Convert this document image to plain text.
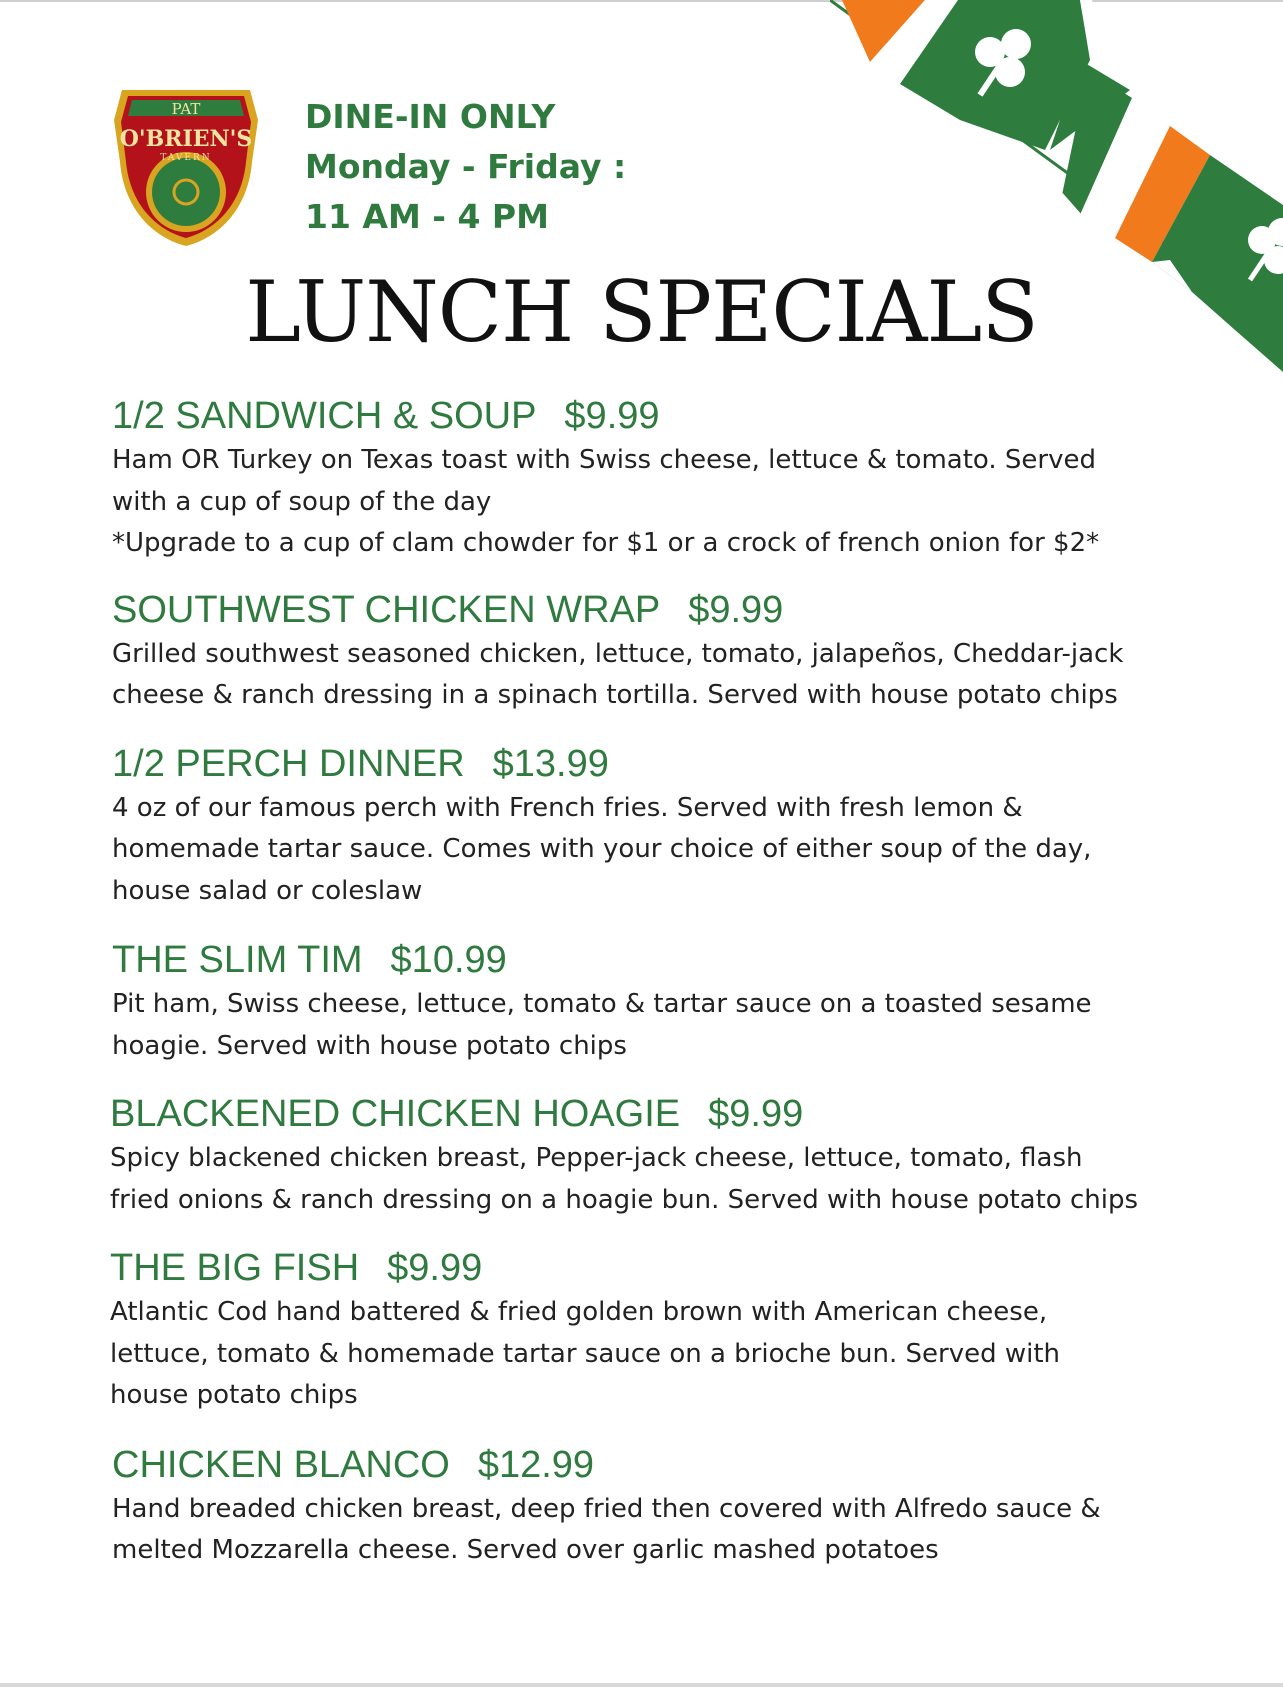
PAT
O'BRIEN'S
TAVERN
DINE-IN ONLY
Monday - Friday :
11 AM - 4 PM
LUNCH SPECIALS
1/2 SANDWICH & SOUP $9.99
Ham OR Turkey on Texas toast with Swiss cheese, lettuce & tomato. Served
with a cup of soup of the day
*Upgrade to a cup of clam chowder for $1 or a crock of french onion for $2*
SOUTHWEST CHICKEN WRAP $9.99
Grilled southwest seasoned chicken, lettuce, tomato, jalapeños, Cheddar-jack
cheese & ranch dressing in a spinach tortilla. Served with house potato chips
1/2 PERCH DINNER $13.99
4 oz of our famous perch with French fries. Served with fresh lemon &
homemade tartar sauce. Comes with your choice of either soup of the day,
house salad or coleslaw
THE SLIM TIM $10.99
Pit ham, Swiss cheese, lettuce, tomato & tartar sauce on a toasted sesame
hoagie. Served with house potato chips
BLACKENED CHICKEN HOAGIE $9.99
Spicy blackened chicken breast, Pepper-jack cheese, lettuce, tomato, flash
fried onions & ranch dressing on a hoagie bun. Served with house potato chips
THE BIG FISH $9.99
Atlantic Cod hand battered & fried golden brown with American cheese,
lettuce, tomato & homemade tartar sauce on a brioche bun. Served with
house potato chips
CHICKEN BLANCO $12.99
Hand breaded chicken breast, deep fried then covered with Alfredo sauce &
melted Mozzarella cheese. Served over garlic mashed potatoes
